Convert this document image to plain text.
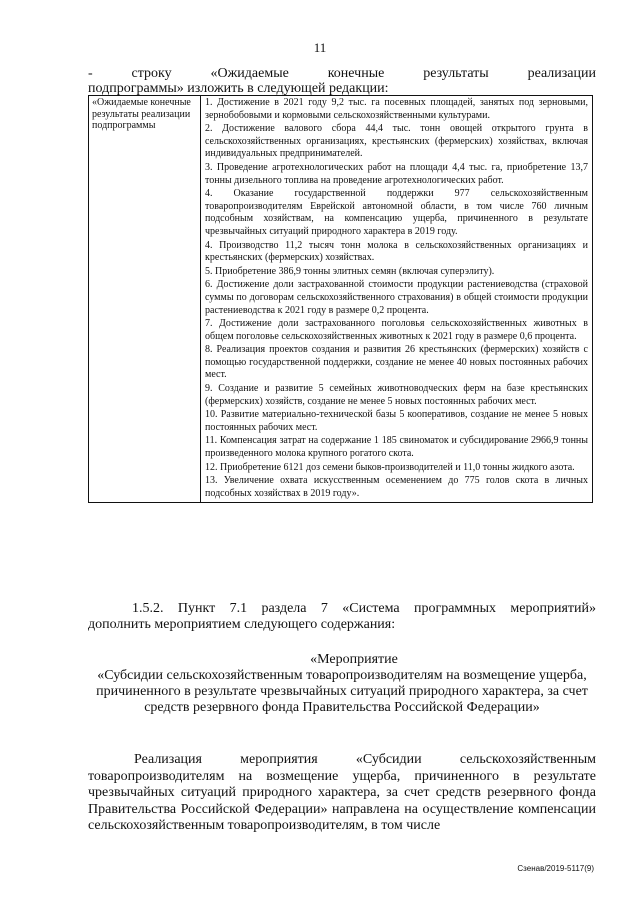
11
- строку «Ожидаемые конечные результаты реализации
подпрограммы» изложить в следующей редакции:
«Ожидаемые конечные результаты реализации подпрограммы	
1. Достижение в 2021 году 9,2 тыс. га посевных площадей, занятых под зерновыми, зернобобовыми и кормовыми сельскохозяйственными культурами.
2. Достижение валового сбора 44,4 тыс. тонн овощей открытого грунта в сельскохозяйственных организациях, крестьянских (фермерских) хозяйствах, включая индивидуальных предпринимателей.
3. Проведение агротехнологических работ на площади 4,4 тыс. га, приобретение 13,7 тонны дизельного топлива на проведение агротехнологических работ.
4. Оказание государственной поддержки 977 сельскохозяйственным товаропроизводителям Еврейской автономной области, в том числе 760 личным подсобным хозяйствам, на компенсацию ущерба, причиненного в результате чрезвычайных ситуаций природного характера в 2019 году.
4. Производство 11,2 тысяч тонн молока в сельскохозяйственных организациях и крестьянских (фермерских) хозяйствах.
5. Приобретение 386,9 тонны элитных семян (включая суперэлиту).
6. Достижение доли застрахованной стоимости продукции растениеводства (страховой суммы по договорам сельскохозяйственного страхования) в общей стоимости продукции растениеводства к 2021 году в размере 0,2 процента.
7. Достижение доли застрахованного поголовья сельскохозяйственных животных в общем поголовье сельскохозяйственных животных к 2021 году в размере 0,6 процента.
8. Реализация проектов создания и развития 26 крестьянских (фермерских) хозяйств с помощью государственной поддержки, создание не менее 40 новых постоянных рабочих мест.
9. Создание и развитие 5 семейных животноводческих ферм на базе крестьянских (фермерских) хозяйств, создание не менее 5 новых постоянных рабочих мест.
10. Развитие материально-технической базы 5 кооперативов, создание не менее 5 новых постоянных рабочих мест.
11. Компенсация затрат на содержание 1 185 свиноматок и субсидирование 2966,9 тонны произведенного молока крупного рогатого скота.
12. Приобретение 6121 доз семени быков-производителей и 11,0 тонны жидкого азота.
13. Увеличение охвата искусственным осеменением до 775 голов скота в личных подсобных хозяйствах в 2019 году».
1.5.2. Пункт 7.1 раздела 7 «Система программных мероприятий»
дополнить мероприятием следующего содержания:
«Мероприятие
«Субсидии сельскохозяйственным товаропроизводителям на возмещение ущерба, причиненного в результате чрезвычайных ситуаций природного характера, за счет средств резервного фонда Правительства Российской Федерации»
Реализация мероприятия «Субсидии сельскохозяйственным товаропроизводителям на возмещение ущерба, причиненного в результате чрезвычайных ситуаций природного характера, за счет средств резервного фонда Правительства Российской Федерации» направлена на осуществление компенсации сельскохозяйственным товаропроизводителям, в том числе
Сзенав/2019-5117(9)
